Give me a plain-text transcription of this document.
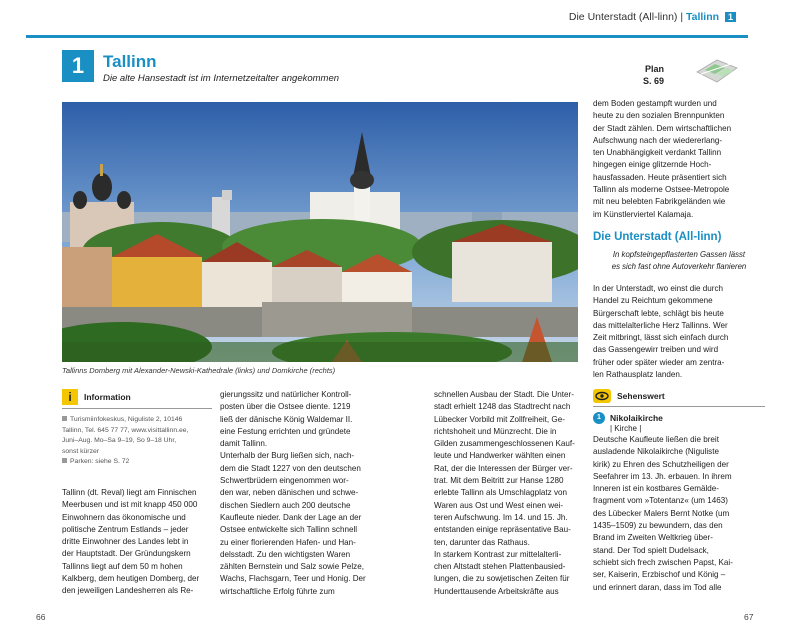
Die Unterstadt (All-linn) | Tallinn 1
1	Tallinn
Die alte Hansestadt ist im Internetzeitalter angekommen
Plan
S. 69
Tallinns Domberg mit Alexander-Newski-Kathedrale (links) und Domkirche (rechts)
i	Information
Turismiinfokeskus, Niguliste 2, 10146
Tallinn, Tel. 645 77 77, www.visittallinn.ee,
Juni–Aug. Mo–Sa 9–19, So 9–18 Uhr,
sonst kürzer
Parken: siehe S. 72
Tallinn (dt. Reval) liegt am Finnischen
Meerbusen und ist mit knapp 450 000
Einwohnern das ökonomische und
politische Zentrum Estlands – jeder
dritte Einwohner des Landes lebt in
der Hauptstadt. Der Gründungskern
Tallinns liegt auf dem 50 m hohen
Kalkberg, dem heutigen Domberg, der
den jeweiligen Landesherren als Re-
gierungssitz und natürlicher Kontroll-
posten über die Ostsee diente. 1219
ließ der dänische König Waldemar II.
eine Festung errichten und gründete
damit Tallinn.
Unterhalb der Burg ließen sich, nach-
dem die Stadt 1227 von den deutschen
Schwertbrüdern eingenommen wor-
den war, neben dänischen und schwe-
dischen Siedlern auch 200 deutsche
Kaufleute nieder. Dank der Lage an der
Ostsee entwickelte sich Tallinn schnell
zu einer florierenden Hafen- und Han-
delsstadt. Zu den wichtigsten Waren
zählten Bernstein und Salz sowie Pelze,
Wachs, Flachsgarn, Teer und Honig. Der
wirtschaftliche Erfolg führte zum
schnellen Ausbau der Stadt. Die Unter-
stadt erhielt 1248 das Stadtrecht nach
Lübecker Vorbild mit Zollfreiheit, Ge-
richtshoheit und Münzrecht. Die in
Gilden zusammengeschlossenen Kauf-
leute und Handwerker wählten einen
Rat, der die Interessen der Bürger ver-
trat. Mit dem Beitritt zur Hanse 1280
erlebte Tallinn als Umschlagplatz von
Waren aus Ost und West einen wei-
teren Aufschwung. Im 14. und 15. Jh.
entstanden einige repräsentative Bau-
ten, darunter das Rathaus.
In starkem Kontrast zur mittelalterli-
chen Altstadt stehen Plattenbausied-
lungen, die zu sowjetischen Zeiten für
Hunderttausende Arbeitskräfte aus
dem Boden gestampft wurden und
heute zu den sozialen Brennpunkten
der Stadt zählen. Dem wirtschaftlichen
Aufschwung nach der wiedererlang-
ten Unabhängigkeit verdankt Tallinn
hingegen einige glitzernde Hoch-
hausfassaden. Heute präsentiert sich
Tallinn als moderne Ostsee-Metropole
mit neu belebten Fabrikgeländen wie
im Künstlerviertel Kalamaja.
Die Unterstadt (All-linn)
In kopfsteingepflasterten Gassen lässt
es sich fast ohne Autoverkehr flanieren
In der Unterstadt, wo einst die durch
Handel zu Reichtum gekommene
Bürgerschaft lebte, schlägt bis heute
das mittelalterliche Herz Tallinns. Wer
Zeit mitbringt, lässt sich einfach durch
das Gassengewirr treiben und wird
früher oder später wieder am zentra-
len Rathausplatz landen.
Sehenswert
1	Nikolaikirche
| Kirche |
Deutsche Kaufleute ließen die breit
ausladende Nikolaikirche (Niguliste
kirik) zu Ehren des Schutzheiligen der
Seefahrer im 13. Jh. erbauen. In ihrem
Inneren ist ein kostbares Gemälde-
fragment vom »Totentanz« (um 1463)
des Lübecker Malers Bernt Notke (um
1435–1509) zu bewundern, das den
Brand im Zweiten Weltkrieg über-
stand. Der Tod spielt Dudelsack,
schiebt sich frech zwischen Papst, Kai-
ser, Kaiserin, Erzbischof und König –
und erinnert daran, dass im Tod alle
66	67
